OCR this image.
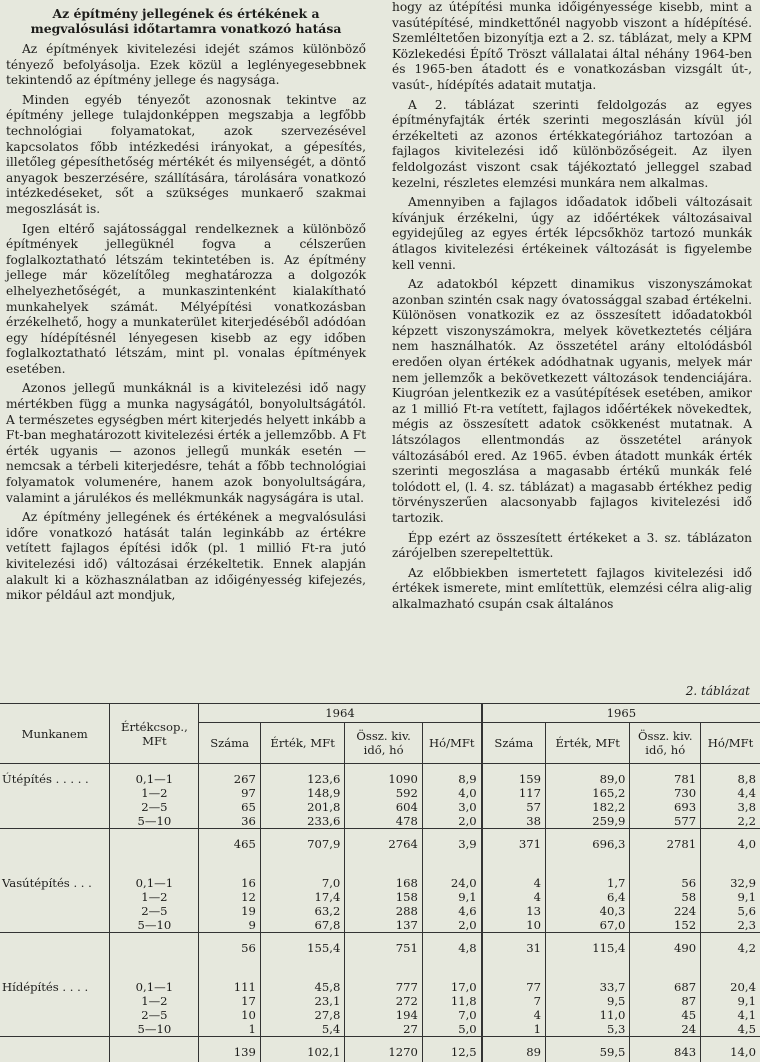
Az építmény jellegének és értékének a megvalósulási időtartamra vonatkozó hatása

Az építmények kivitelezési idejét számos különböző tényező befolyásolja. Ezek közül a leglényegesebbnek tekintendő az építmény jellege és nagysága.

Minden egyéb tényezőt azonosnak tekintve az építmény jellege tulajdonképpen megszabja a legfőbb technológiai folyamatokat, azok szervezésével kapcsolatos főbb intézkedési irányokat, a gépesítés, illetőleg gépesíthetőség mértékét és milyenségét, a döntő anyagok beszerzésére, szállítására, tárolására vonatkozó intézkedéseket, sőt a szükséges munkaerő szakmai megoszlását is.

Igen eltérő sajátossággal rendelkeznek a különböző építmények jellegüknél fogva a célszerűen foglalkoztatható létszám tekintetében is. Az építmény jellege már közelítőleg meghatározza a dolgozók elhelyezhetőségét, a munkaszintenként kialakítható munkahelyek számát. Mélyépítési vonatkozásban érzékelhető, hogy a munkaterület kiterjedéséből adódóan egy hídépítésnél lényegesen kisebb az egy időben foglalkoztatható létszám, mint pl. vonalas építmények esetében.

Azonos jellegű munkáknál is a kivitelezési idő nagy mértékben függ a munka nagyságától, bonyolultságától. A természetes egységben mért kiterjedés helyett inkább a Ft-ban meghatározott kivitelezési érték a jellemzőbb. A Ft érték ugyanis — azonos jellegű munkák esetén — nemcsak a térbeli kiterjedésre, tehát a főbb technológiai folyamatok volumenére, hanem azok bonyolultságára, valamint a járulékos és mellékmunkák nagyságára is utal.

Az építmény jellegének és értékének a megvalósulási időre vonatkozó hatását talán leginkább az értékre vetített fajlagos építési idők (pl. 1 millió Ft-ra jutó kivitelezési idő) változásai érzékeltetik. Ennek alapján alakult ki a közhasználatban az időigényesség kifejezés, mikor például azt mondjuk,

hogy az útépítési munka időigényessége kisebb, mint a vasútépítésé, mindkettőnél nagyobb viszont a hídépítésé. Szemléltetően bizonyítja ezt a 2. sz. táblázat, mely a KPM Közlekedési Építő Tröszt vállalatai által néhány 1964-ben és 1965-ben átadott és e vonatkozásban vizsgált út-, vasút-, hídépítés adatait mutatja.

A 2. táblázat szerinti feldolgozás az egyes építményfajták érték szerinti megoszlásán kívül jól érzékelteti az azonos értékkategóriához tartozóan a fajlagos kivitelezési idő különbözőségeit. Az ilyen feldolgozást viszont csak tájékoztató jelleggel szabad kezelni, részletes elemzési munkára nem alkalmas.

Amennyiben a fajlagos időadatok időbeli változásait kívánjuk érzékelni, úgy az időértékek változásaival egyidejűleg az egyes érték lépcsőkhöz tartozó munkák átlagos kivitelezési értékeinek változását is figyelembe kell venni.

Az adatokból képzett dinamikus viszonyszámokat azonban szintén csak nagy óvatossággal szabad értékelni. Különösen vonatkozik ez az összesített időadatokból képzett viszonyszámokra, melyek következtetés céljára nem használhatók. Az összetétel arány eltolódásból eredően olyan értékek adódhatnak ugyanis, melyek már nem jellemzők a bekövetkezett változások tendenciájára. Kiugróan jelentkezik ez a vasútépítések esetében, amikor az 1 millió Ft-ra vetített, fajlagos időértékek növekedtek, mégis az összesített adatok csökkenést mutatnak. A látszólagos ellentmondás az összetétel arányok változásából ered. Az 1965. évben átadott munkák érték szerinti megoszlása a magasabb értékű munkák felé tolódott el, (l. 4. sz. táblázat) a magasabb értékhez pedig törvényszerűen alacsonyabb fajlagos kivitelezési idő tartozik.

Épp ezért az összesített értékeket a 3. sz. táblázaton zárójelben szerepeltettük.

Az előbbiekben ismertetett fajlagos kivitelezési idő értékek ismerete, mint említettük, elemzési célra alig-alig alkalmazható csupán csak általános

2. táblázat
Munkanem	Értékcsop., MFt	1964				1965			
		Száma	Érték, MFt	Össz. kiv. idő, hó	Hó/MFt	Száma	Érték, MFt	Össz. kiv. idő, hó	Hó/MFt

Útépítés . . . . .	0,1—1	267	123,6	1090	8,9	159	89,0	781	8,8
	1—2	97	148,9	592	4,0	117	165,2	730	4,4
	2—5	65	201,8	604	3,0	57	182,2	693	3,8
	5—10	36	233,6	478	2,0	38	259,9	577	2,2
		465	707,9	2764	3,9	371	696,3	2781	4,0

Vasútépítés . . .	0,1—1	16	7,0	168	24,0	4	1,7	56	32,9
	1—2	12	17,4	158	9,1	4	6,4	58	9,1
	2—5	19	63,2	288	4,6	13	40,3	224	5,6
	5—10	9	67,8	137	2,0	10	67,0	152	2,3
		56	155,4	751	4,8	31	115,4	490	4,2

Hídépítés . . . .	0,1—1	111	45,8	777	17,0	77	33,7	687	20,4
	1—2	17	23,1	272	11,8	7	9,5	87	9,1
	2—5	10	27,8	194	7,0	4	11,0	45	4,1
	5—10	1	5,4	27	5,0	1	5,3	24	4,5
		139	102,1	1270	12,5	89	59,5	843	14,0
